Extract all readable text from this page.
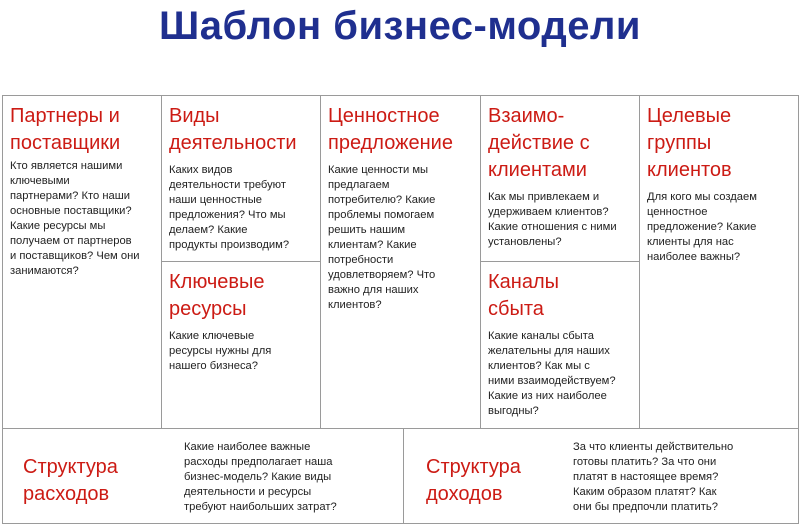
Шаблон бизнес-модели
Партнеры и
поставщики
Кто является нашими
ключевыми
партнерами? Кто наши
основные поставщики?
Какие ресурсы мы
получаем от партнеров
и поставщиков? Чем они
занимаются?
Виды
деятельности
Каких видов
деятельности требуют
наши ценностные
предложения? Что мы
делаем? Какие
продукты производим?
Ключевые
ресурсы
Какие ключевые
ресурсы нужны для
нашего бизнеса?
Ценностное
предложение
Какие ценности мы
предлагаем
потребителю? Какие
проблемы помогаем
решить нашим
клиентам? Какие
потребности
удовлетворяем? Что
важно для наших
клиентов?
Взаимо-
действие с
клиентами
Как мы привлекаем и
удерживаем клиентов?
Какие отношения с ними
установлены?
Каналы
сбыта
Какие каналы сбыта
желательны для наших
клиентов? Как мы с
ними взаимодействуем?
Какие из них наиболее
выгодны?
Целевые
группы
клиентов
Для кого мы создаем
ценностное
предложение? Какие
клиенты для нас
наиболее важны?
Структура
расходов
Какие наиболее важные
расходы предполагает наша
бизнес-модель? Какие виды
деятельности и ресурсы
требуют наибольших затрат?
Структура
доходов
За что клиенты действительно
готовы платить? За что они
платят в настоящее время?
Каким образом платят? Как
они бы предпочли платить?
